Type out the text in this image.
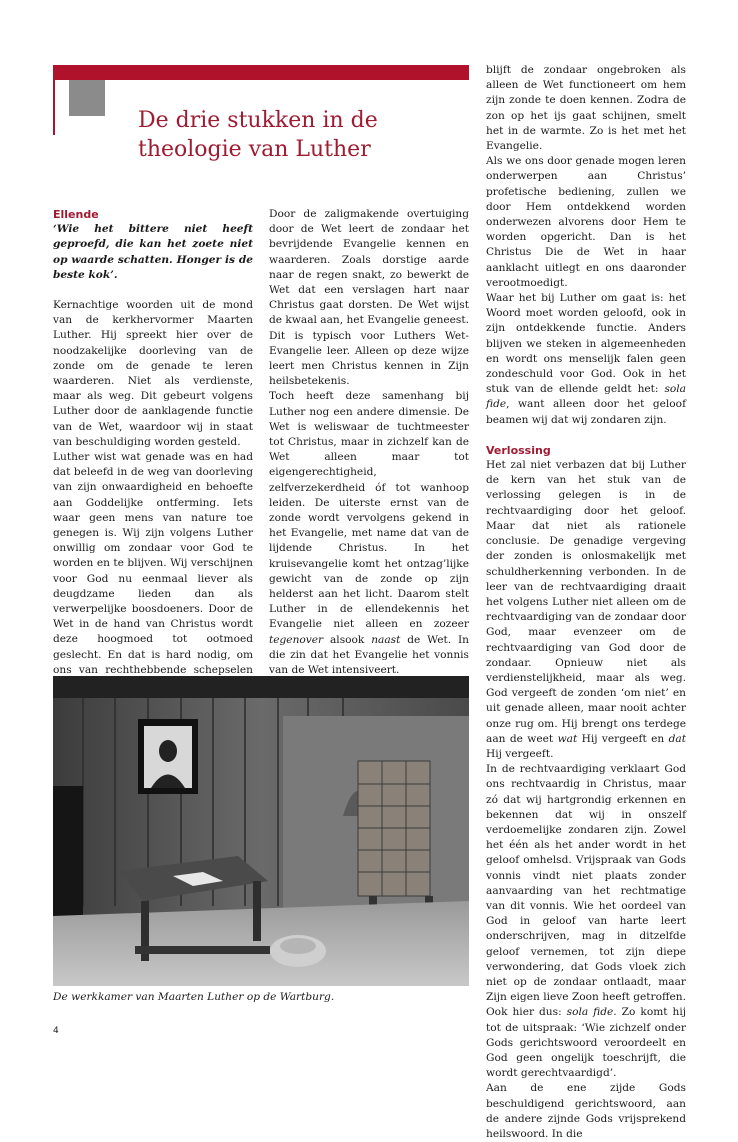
De drie stukken in de theologie van Luther

Ellende

‘Wie het bittere niet heeft geproefd, die kan het zoete niet op waarde schatten. Honger is de beste kok’.

Kernachtige woorden uit de mond van de kerkhervormer Maarten Luther. Hij spreekt hier over de noodzakelijke doorleving van de zonde om de genade te leren waarderen. Niet als verdienste, maar als weg. Dit gebeurt volgens Luther door de aanklagende functie van de Wet, waardoor wij in staat van beschuldiging worden gesteld.

Luther wist wat genade was en had dat beleefd in de weg van doorleving van zijn onwaardigheid en behoefte aan Goddelijke ontferming. Iets waar geen mens van nature toe genegen is. Wij zijn volgens Luther onwillig om zondaar voor God te worden en te blijven. Wij verschijnen voor God nu eenmaal liever als deugdzame lieden dan als verwerpelijke boosdoeners. Door de Wet in de hand van Christus wordt deze hoogmoed tot ootmoed geslecht. En dat is hard nodig, om ons van rechthebbende schepselen

Door de zaligmakende overtuiging door de Wet leert de zondaar het bevrijdende Evangelie kennen en waarderen. Zoals dorstige aarde naar de regen snakt, zo bewerkt de Wet dat een verslagen hart naar Christus gaat dorsten. De Wet wijst de kwaal aan, het Evangelie geneest. Dit is typisch voor Luthers Wet-Evangelie leer. Alleen op deze wijze leert men Christus kennen in Zijn heilsbetekenis.

Toch heeft deze samenhang bij Luther nog een andere dimensie. De Wet is weliswaar de tuchtmeester tot Christus, maar in zichzelf kan de Wet alleen maar tot eigengerechtigheid, zelfverzekerdheid óf tot wanhoop leiden. De uiterste ernst van de zonde wordt vervolgens gekend in het Evangelie, met name dat van de lijdende Christus. In het kruisevangelie komt het ontzag’lijke gewicht van de zonde op zijn helderst aan het licht. Daarom stelt Luther in de ellendekennis het Evangelie niet alleen en zozeer tegenover alsook naast de Wet. In die zin dat het Evangelie het vonnis van de Wet intensiveert.

blijft de zondaar ongebroken als alleen de Wet functioneert om hem zijn zonde te doen kennen. Zodra de zon op het ijs gaat schijnen, smelt het in de warmte. Zo is het met het Evangelie.

Als we ons door genade mogen leren onderwerpen aan Christus’ profetische bediening, zullen we door Hem ontdekkend worden onderwezen alvorens door Hem te worden opgericht. Dan is het Christus Die de Wet in haar aanklacht uitlegt en ons daaronder verootmoedigt.

Waar het bij Luther om gaat is: het Woord moet worden geloofd, ook in zijn ontdekkende functie. Anders blijven we steken in algemeenheden en wordt ons menselijk falen geen zondeschuld voor God. Ook in het stuk van de ellende geldt het: sola fide, want alleen door het geloof beamen wij dat wij zondaren zijn.

Verlossing

Het zal niet verbazen dat bij Luther de kern van het stuk van de verlossing gelegen is in de rechtvaardiging door het geloof. Maar dat niet als rationele conclusie. De genadige vergeving der zonden is onlosmakelijk met schuldherkenning verbonden. In de leer van de rechtvaardiging draait het volgens Luther niet alleen om de rechtvaardiging van de zondaar door God, maar evenzeer om de rechtvaardiging van God door de zondaar. Opnieuw niet als verdienstelijkheid, maar als weg. God vergeeft de zonden ‘om niet’ en uit genade alleen, maar nooit achter onze rug om. Hij brengt ons terdege aan de weet wat Hij vergeeft en dat Hij vergeeft.

In de rechtvaardiging verklaart God ons rechtvaardig in Christus, maar zó dat wij hartgrondig erkennen en bekennen dat wij in onszelf verdoemelijke zondaren zijn. Zowel het één als het ander wordt in het geloof omhelsd. Vrijspraak van Gods vonnis vindt niet plaats zonder aanvaarding van het rechtmatige van dit vonnis. Wie het oordeel van God in geloof van harte leert onderschrijven, mag in ditzelfde geloof vernemen, tot zijn diepe verwondering, dat Gods vloek zich niet op de zondaar ontlaadt, maar Zijn eigen lieve Zoon heeft getroffen. Ook hier dus: sola fide. Zo komt hij tot de uitspraak: ‘Wie zichzelf onder Gods gerichtswoord veroordeelt en God geen ongelijk toeschrijft, die wordt gerechtvaardigd’.

Aan de ene zijde Gods beschuldigend gerichtswoord, aan de andere zijnde Gods vrijsprekend heilswoord. In die

De werkkamer van Maarten Luther op de Wartburg.
4
